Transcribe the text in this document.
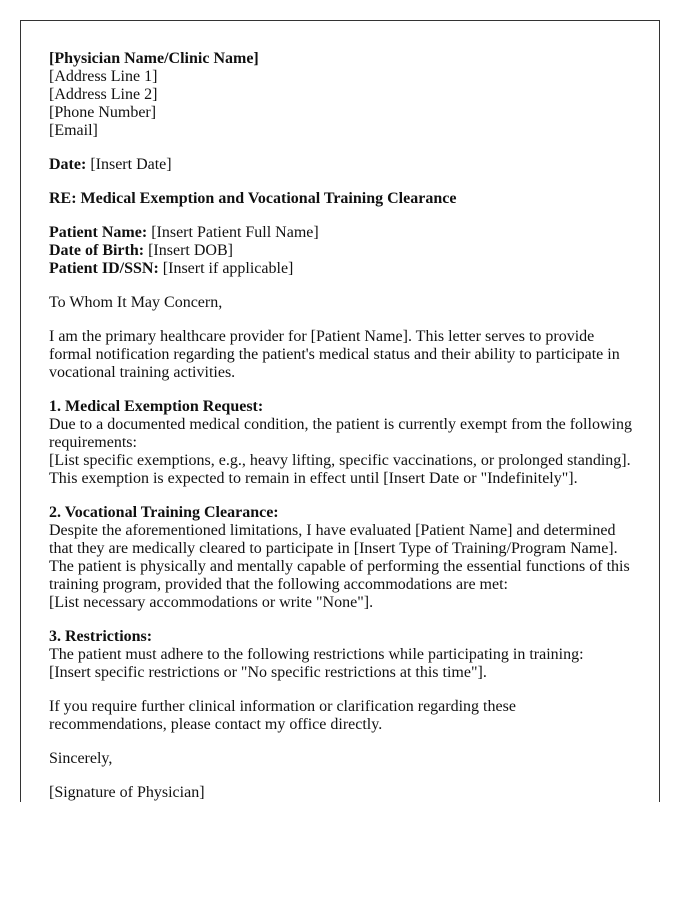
[Physician Name/Clinic Name]
[Address Line 1]
[Address Line 2]
[Phone Number]
[Email]
Date: [Insert Date]
RE: Medical Exemption and Vocational Training Clearance
Patient Name: [Insert Patient Full Name]
Date of Birth: [Insert DOB]
Patient ID/SSN: [Insert if applicable]
To Whom It May Concern,
I am the primary healthcare provider for [Patient Name]. This letter serves to provide
formal notification regarding the patient's medical status and their ability to participate in
vocational training activities.
1. Medical Exemption Request:
Due to a documented medical condition, the patient is currently exempt from the following
requirements:
[List specific exemptions, e.g., heavy lifting, specific vaccinations, or prolonged standing].
This exemption is expected to remain in effect until [Insert Date or "Indefinitely"].
2. Vocational Training Clearance:
Despite the aforementioned limitations, I have evaluated [Patient Name] and determined
that they are medically cleared to participate in [Insert Type of Training/Program Name].
The patient is physically and mentally capable of performing the essential functions of this
training program, provided that the following accommodations are met:
[List necessary accommodations or write "None"].
3. Restrictions:
The patient must adhere to the following restrictions while participating in training:
[Insert specific restrictions or "No specific restrictions at this time"].
If you require further clinical information or clarification regarding these
recommendations, please contact my office directly.
Sincerely,
[Signature of Physician]
